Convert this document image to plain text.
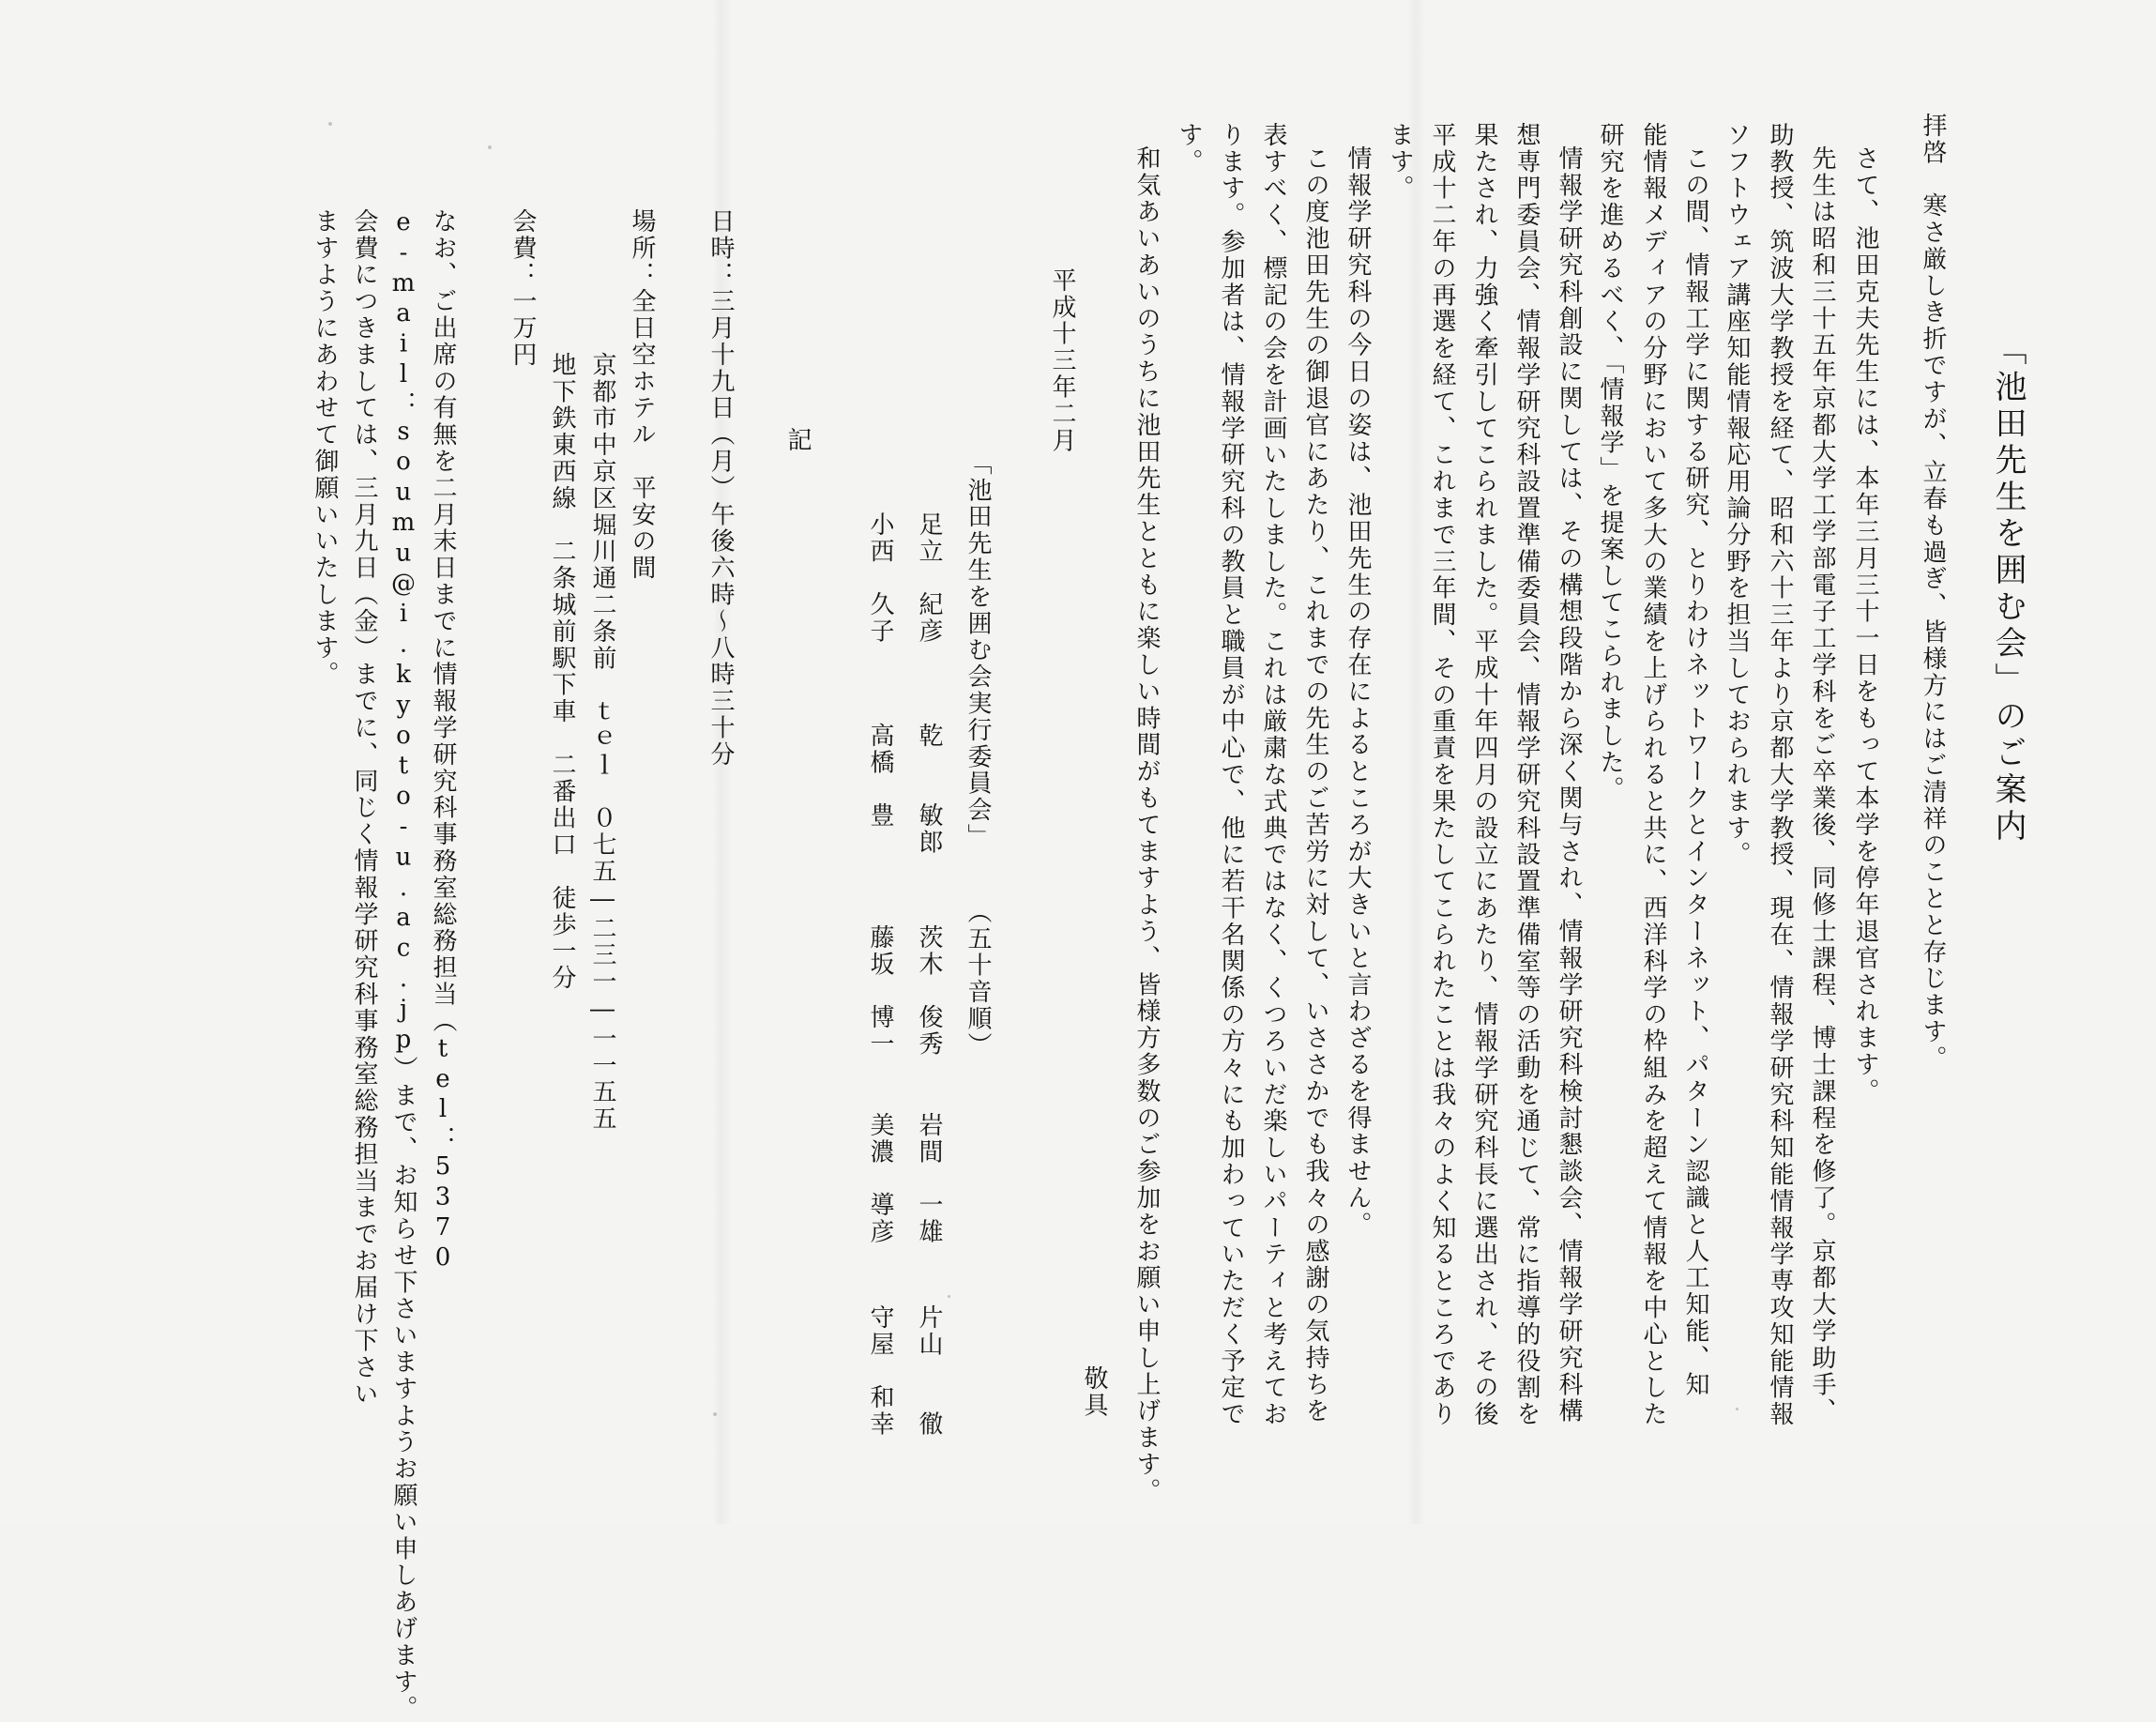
「池田先生を囲む会」のご案内
拝啓　寒さ厳しき折ですが、立春も過ぎ、皆様方にはご清祥のことと存じます。
さて、池田克夫先生には、本年三月三十一日をもって本学を停年退官されます。
先生は昭和三十五年京都大学工学部電子工学科をご卒業後、同修士課程、博士課程を修了。京都大学助手、
助教授、筑波大学教授を経て、昭和六十三年より京都大学教授、現在、情報学研究科知能情報学専攻知能情報
ソフトウェア講座知能情報応用論分野を担当しておられます。
この間、情報工学に関する研究、とりわけネットワークとインターネット、パターン認識と人工知能、知
能情報メディアの分野において多大の業績を上げられると共に、西洋科学の枠組みを超えて情報を中心とした
研究を進めるべく、「情報学」を提案してこられました。
情報学研究科創設に関しては、その構想段階から深く関与され、情報学研究科検討懇談会、情報学研究科構
想専門委員会、情報学研究科設置準備委員会、情報学研究科設置準備室等の活動を通じて、常に指導的役割を
果たされ、力強く牽引してこられました。平成十年四月の設立にあたり、情報学研究科長に選出され、その後
平成十二年の再選を経て、これまで三年間、その重責を果たしてこられたことは我々のよく知るところであり
ます。
情報学研究科の今日の姿は、池田先生の存在によるところが大きいと言わざるを得ません。
この度池田先生の御退官にあたり、これまでの先生のご苦労に対して、いささかでも我々の感謝の気持ちを
表すべく、標記の会を計画いたしました。これは厳粛な式典ではなく、くつろいだ楽しいパーティと考えてお
ります。参加者は、情報学研究科の教員と職員が中心で、他に若干名関係の方々にも加わっていただく予定で
す。
和気あいあいのうちに池田先生とともに楽しい時間がもてますよう、皆様方多数のご参加をお願い申し上げます。
敬具
平成十三年二月
「池田先生を囲む会実行委員会」
（五十音順）
足立　紀彦
乾　　敏郎
茨木　俊秀
岩間　一雄
片山　　徹
小西　久子
高橋　豊
藤坂　博一
美濃　導彦
守屋　和幸
記
日時：三月十九日（月）午後六時〜八時三十分
場所：全日空ホテル　平安の間
京都市中京区堀川通二条前　ｔｅｌ　０七五―二三一―一一五五
地下鉄東西線　二条城前駅下車　二番出口　徒歩一分
会費：一万円
なお、ご出席の有無を二月末日までに情報学研究科事務室総務担当（tel：5370
e-mail：soumu@i.kyoto-u.ac.jp）まで、お知らせ下さいますようお願い申しあげます。
会費につきましては、三月九日（金）までに、同じく情報学研究科事務室総務担当までお届け下さい
ますようにあわせて御願いいたします。
